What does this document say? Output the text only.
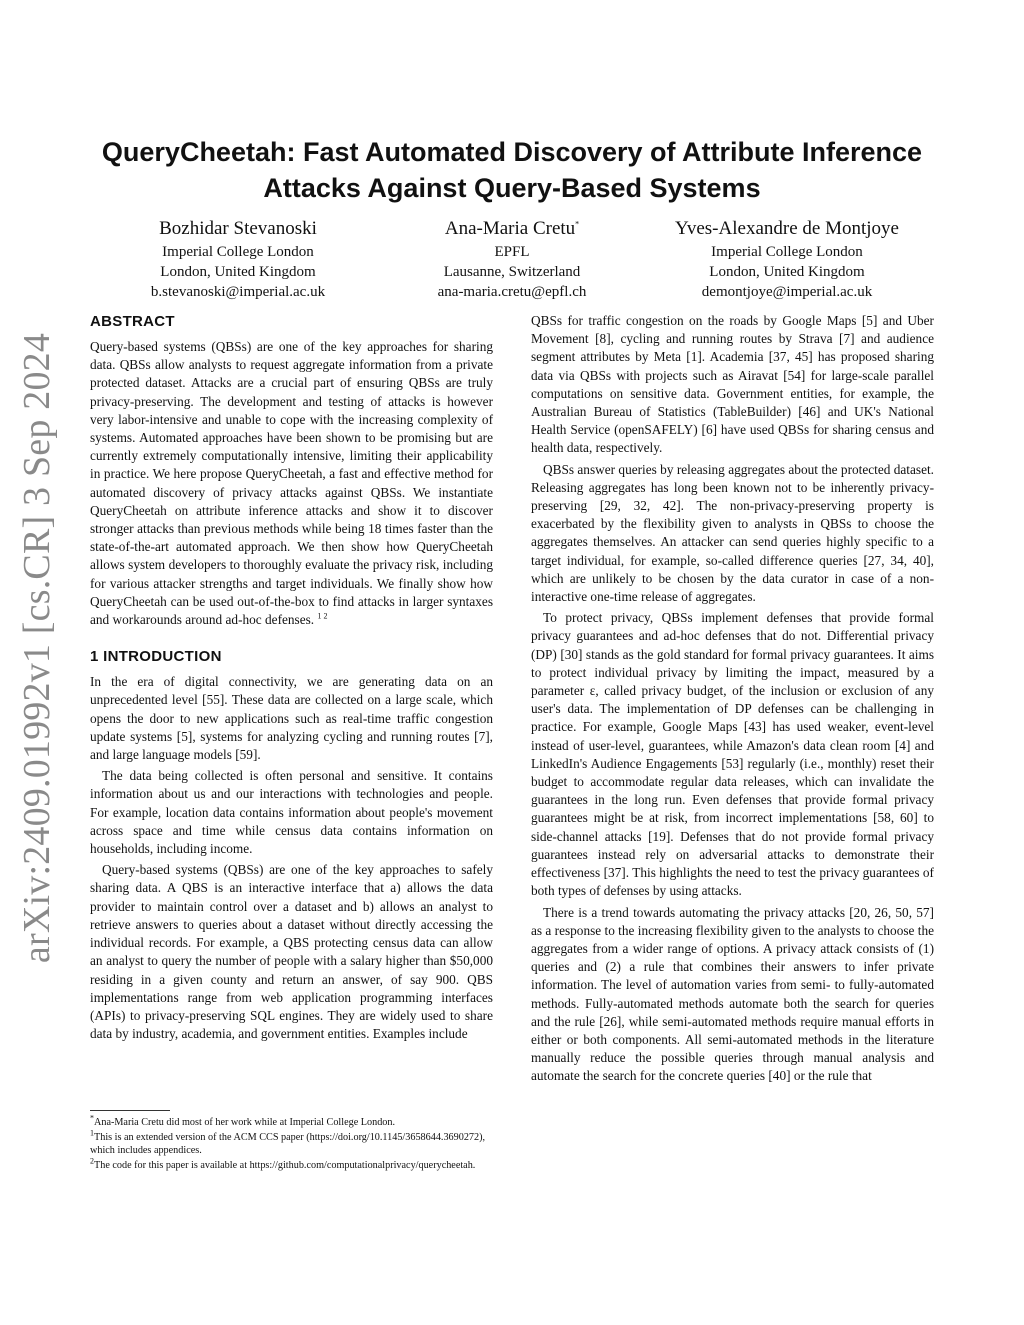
arXiv:2409.01992v1 [cs.CR] 3 Sep 2024
QueryCheetah: Fast Automated Discovery of Attribute Inference Attacks Against Query-Based Systems
Bozhidar Stevanoski
Imperial College London
London, United Kingdom
b.stevanoski@imperial.ac.uk
Ana-Maria Cretu*
EPFL
Lausanne, Switzerland
ana-maria.cretu@epfl.ch
Yves-Alexandre de Montjoye
Imperial College London
London, United Kingdom
demontjoye@imperial.ac.uk
ABSTRACT

Query-based systems (QBSs) are one of the key approaches for sharing data. QBSs allow analysts to request aggregate information from a private protected dataset. Attacks are a crucial part of ensuring QBSs are truly privacy-preserving. The development and testing of attacks is however very labor-intensive and unable to cope with the increasing complexity of systems. Automated approaches have been shown to be promising but are currently extremely computationally intensive, limiting their applicability in practice. We here propose QueryCheetah, a fast and effective method for automated discovery of privacy attacks against QBSs. We instantiate QueryCheetah on attribute inference attacks and show it to discover stronger attacks than previous methods while being 18 times faster than the state-of-the-art automated approach. We then show how QueryCheetah allows system developers to thoroughly evaluate the privacy risk, including for various attacker strengths and target individuals. We finally show how QueryCheetah can be used out-of-the-box to find attacks in larger syntaxes and workarounds around ad-hoc defenses. $^{1 2}$

1 INTRODUCTION

In the era of digital connectivity, we are generating data on an unprecedented level [55]. These data are collected on a large scale, which opens the door to new applications such as real-time traffic congestion update systems [5], systems for analyzing cycling and running routes [7], and large language models [59].

The data being collected is often personal and sensitive. It contains information about us and our interactions with technologies and people. For example, location data contains information about people's movement across space and time while census data contains information on households, including income.

Query-based systems (QBSs) are one of the key approaches to safely sharing data. A QBS is an interactive interface that a) allows the data provider to maintain control over a dataset and b) allows an analyst to retrieve answers to queries about a dataset without directly accessing the individual records. For example, a QBS protecting census data can allow an analyst to query the number of people with a salary higher than $50,000 residing in a given county and return an answer, of say 900. QBS implementations range from web application programming interfaces (APIs) to privacy-preserving SQL engines. They are widely used to share data by industry, academia, and government entities. Examples include

QBSs for traffic congestion on the roads by Google Maps [5] and Uber Movement [8], cycling and running routes by Strava [7] and audience segment attributes by Meta [1]. Academia [37, 45] has proposed sharing data via QBSs with projects such as Airavat [54] for large-scale parallel computations on sensitive data. Government entities, for example, the Australian Bureau of Statistics (TableBuilder) [46] and UK's National Health Service (openSAFELY) [6] have used QBSs for sharing census and health data, respectively.

QBSs answer queries by releasing aggregates about the protected dataset. Releasing aggregates has long been known not to be inherently privacy-preserving [29, 32, 42]. The non-privacy-preserving property is exacerbated by the flexibility given to analysts in QBSs to choose the aggregates themselves. An attacker can send queries highly specific to a target individual, for example, so-called difference queries [27, 34, 40], which are unlikely to be chosen by the data curator in case of a non-interactive one-time release of aggregates.

To protect privacy, QBSs implement defenses that provide formal privacy guarantees and ad-hoc defenses that do not. Differential privacy (DP) [30] stands as the gold standard for formal privacy guarantees. It aims to protect individual privacy by limiting the impact, measured by a parameter ε, called privacy budget, of the inclusion or exclusion of any user's data. The implementation of DP defenses can be challenging in practice. For example, Google Maps [43] has used weaker, event-level instead of user-level, guarantees, while Amazon's data clean room [4] and LinkedIn's Audience Engagements [53] regularly (i.e., monthly) reset their budget to accommodate regular data releases, which can invalidate the guarantees in the long run. Even defenses that provide formal privacy guarantees might be at risk, from incorrect implementations [58, 60] to side-channel attacks [19]. Defenses that do not provide formal privacy guarantees instead rely on adversarial attacks to demonstrate their effectiveness [37]. This highlights the need to test the privacy guarantees of both types of defenses by using attacks.

There is a trend towards automating the privacy attacks [20, 26, 50, 57] as a response to the increasing flexibility given to the analysts to choose the aggregates from a wider range of options. A privacy attack consists of (1) queries and (2) a rule that combines their answers to infer private information. The level of automation varies from semi- to fully-automated methods. Fully-automated methods automate both the search for queries and the rule [26], while semi-automated methods require manual efforts in either or both components. All semi-automated methods in the literature manually reduce the possible queries through manual analysis and automate the search for the concrete queries [40] or the rule that

*Ana-Maria Cretu did most of her work while at Imperial College London.
$^1$This is an extended version of the ACM CCS paper (https://doi.org/10.1145/3658644.3690272), which includes appendices.
$^2$The code for this paper is available at https://github.com/computationalprivacy/querycheetah.
